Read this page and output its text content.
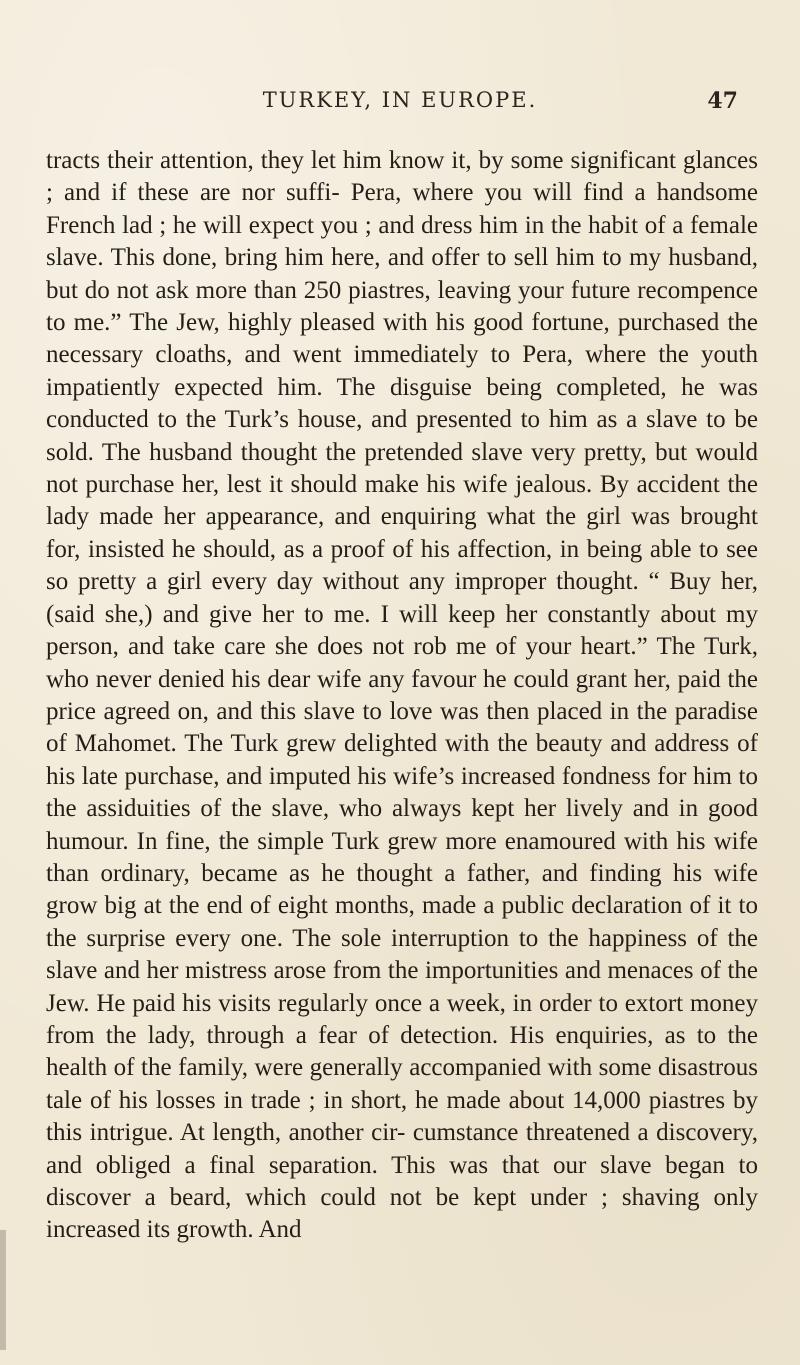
TURKEY, IN EUROPE.	47

tracts their attention, they let him know it, by some significant glances ; and if these are nor suffi- Pera, where you will find a handsome French lad ; he will expect you ; and dress him in the habit of a female slave. This done, bring him here, and offer to sell him to my husband, but do not ask more than 250 piastres, leaving your future recompence to me.” The Jew, highly pleased with his good fortune, purchased the necessary cloaths, and went immediately to Pera, where the youth impatiently expected him. The disguise being completed, he was conducted to the Turk’s house, and presented to him as a slave to be sold. The husband thought the pretended slave very pretty, but would not purchase her, lest it should make his wife jealous. By accident the lady made her appearance, and enquiring what the girl was brought for, insisted he should, as a proof of his affection, in being able to see so pretty a girl every day without any improper thought. “ Buy her, (said she,) and give her to me. I will keep her constantly about my person, and take care she does not rob me of your heart.” The Turk, who never denied his dear wife any favour he could grant her, paid the price agreed on, and this slave to love was then placed in the paradise of Mahomet. The Turk grew delighted with the beauty and address of his late purchase, and imputed his wife’s increased fondness for him to the assiduities of the slave, who always kept her lively and in good humour. In fine, the simple Turk grew more enamoured with his wife than ordinary, became as he thought a father, and finding his wife grow big at the end of eight months, made a public declaration of it to the surprise every one. The sole interruption to the happiness of the slave and her mistress arose from the importunities and menaces of the Jew. He paid his visits regularly once a week, in order to extort money from the lady, through a fear of detection. His enquiries, as to the health of the family, were generally accompanied with some disastrous tale of his losses in trade ; in short, he made about 14,000 piastres by this intrigue. At length, another cir- cumstance threatened a discovery, and obliged a final separation. This was that our slave began to discover a beard, which could not be kept under ; shaving only increased its growth. And
